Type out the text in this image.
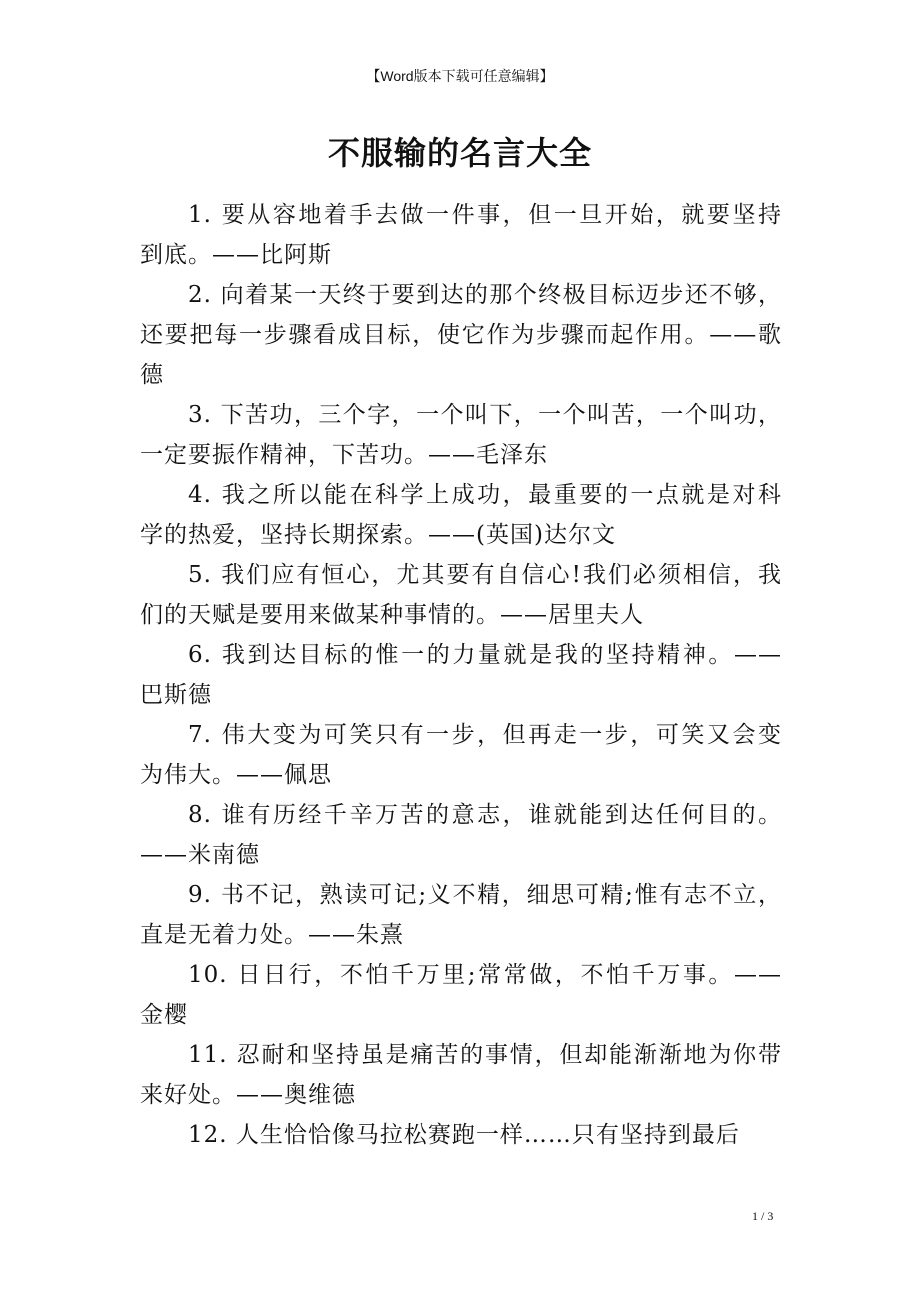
【Word版本下载可任意编辑】
不服输的名言大全
1. 要从容地着手去做一件事，但一旦开始，就要坚持
到底。——比阿斯
2. 向着某一天终于要到达的那个终极目标迈步还不够，
还要把每一步骤看成目标，使它作为步骤而起作用。——歌
德
3. 下苦功，三个字，一个叫下，一个叫苦，一个叫功，
一定要振作精神，下苦功。——毛泽东
4. 我之所以能在科学上成功，最重要的一点就是对科
学的热爱，坚持长期探索。——(英国)达尔文
5. 我们应有恒心，尤其要有自信心!我们必须相信，我
们的天赋是要用来做某种事情的。——居里夫人
6. 我到达目标的惟一的力量就是我的坚持精神。——
巴斯德
7. 伟大变为可笑只有一步，但再走一步，可笑又会变
为伟大。——佩思
8. 谁有历经千辛万苦的意志，谁就能到达任何目的。
——米南德
9. 书不记，熟读可记;义不精，细思可精;惟有志不立，
直是无着力处。——朱熹
10. 日日行，不怕千万里;常常做，不怕千万事。——
金樱
11. 忍耐和坚持虽是痛苦的事情，但却能渐渐地为你带
来好处。——奥维德
12. 人生恰恰像马拉松赛跑一样……只有坚持到最后
1 / 3
